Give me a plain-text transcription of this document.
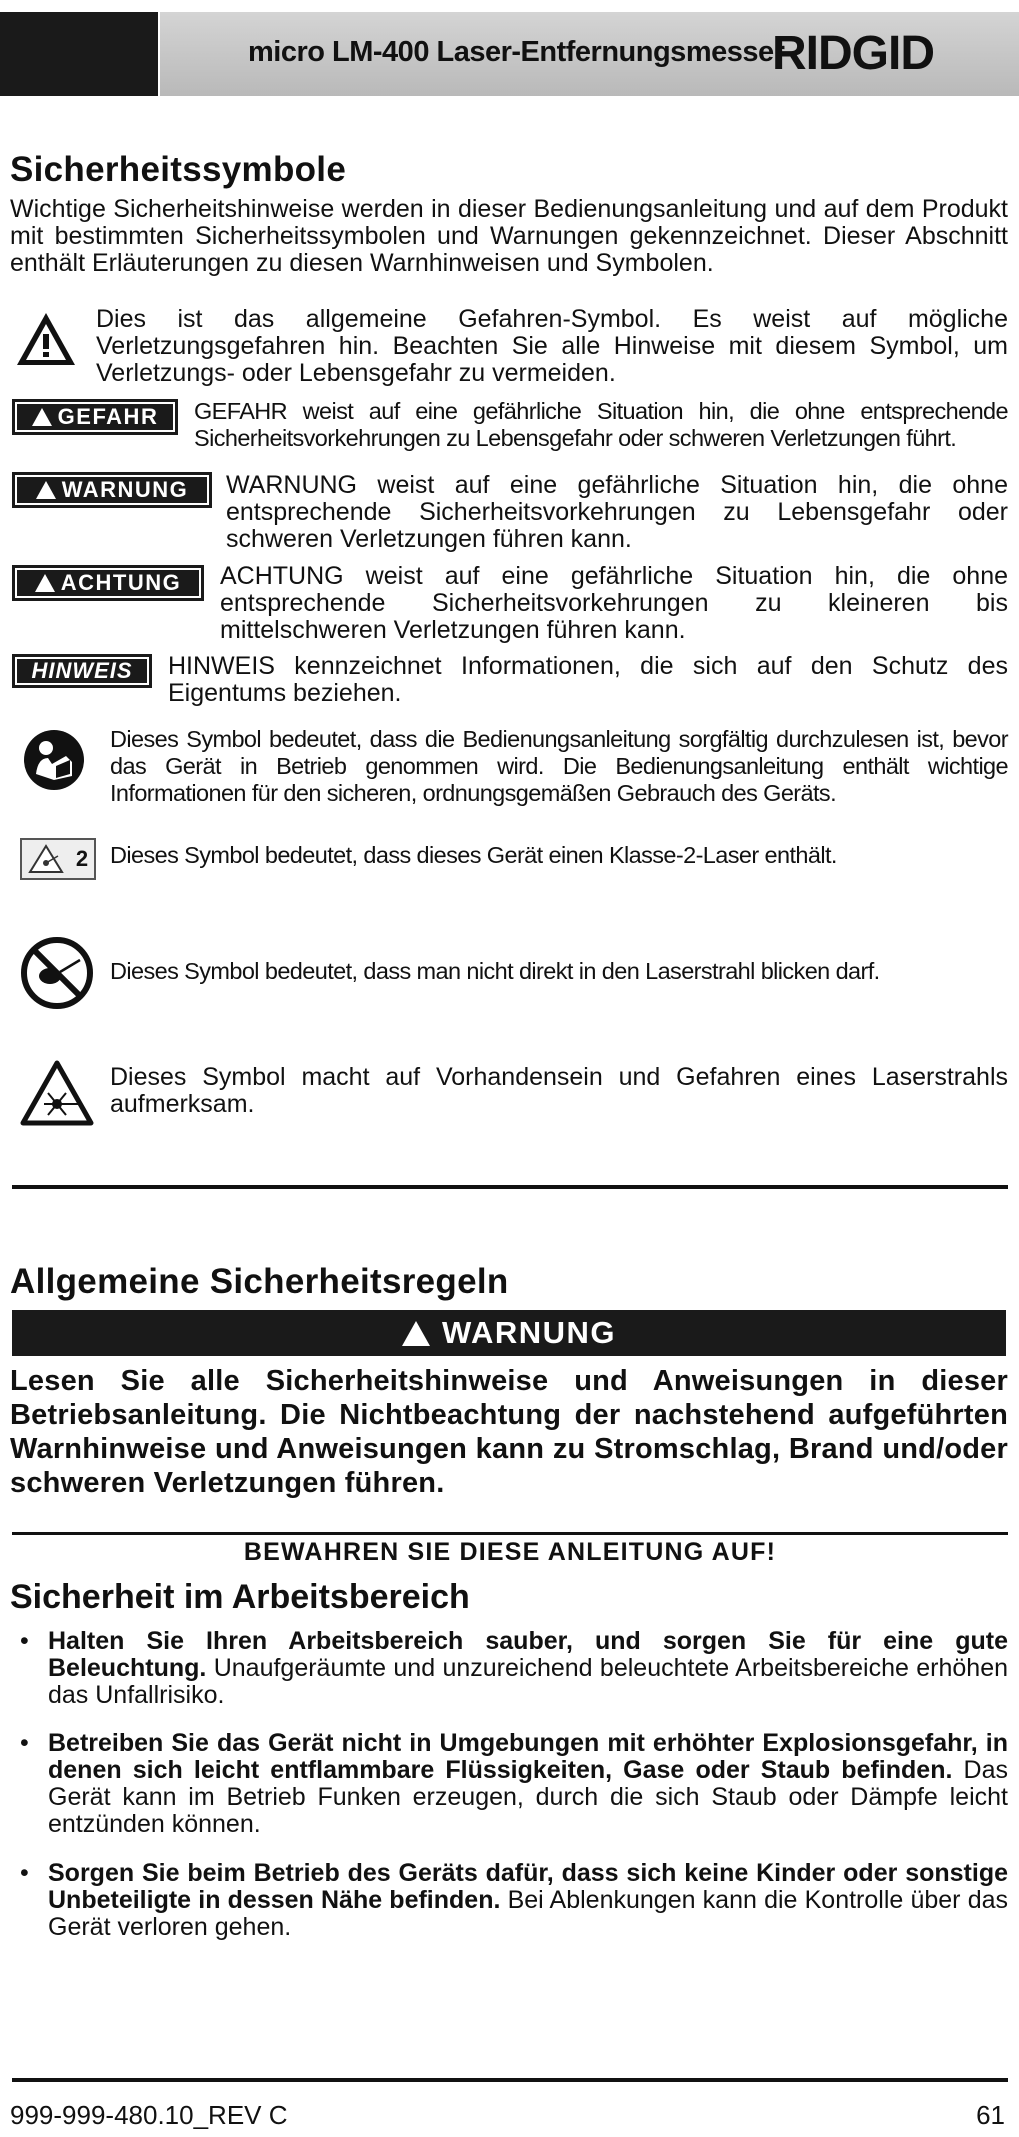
micro LM-400 Laser-Entfernungsmesser
RIDGID
Sicherheitssymbole
Wichtige Sicherheitshinweise werden in dieser Bedienungsanleitung und auf dem Produkt mit bestimmten Sicherheitssymbolen und Warnungen gekennzeichnet. Dieser Abschnitt enthält Erläuterungen zu diesen Warnhinweisen und Symbolen.
Dies ist das allgemeine Gefahren-Symbol. Es weist auf mögliche Verletzungsgefahren hin. Beachten Sie alle Hinweise mit diesem Symbol, um Verletzungs- oder Lebensgefahr zu vermeiden.
GEFAHR GEFAHR weist auf eine gefährliche Situation hin, die ohne entsprechende Sicherheitsvorkehrungen zu Lebensgefahr oder schweren Verletzungen führt.
WARNUNG WARNUNG weist auf eine gefährliche Situation hin, die ohne entsprechende Sicherheitsvorkehrungen zu Lebensgefahr oder schweren Verletzungen führen kann.
ACHTUNG ACHTUNG weist auf eine gefährliche Situation hin, die ohne entsprechende Sicherheitsvorkehrungen zu kleineren bis mittelschweren Verletzungen führen kann.
HINWEIS HINWEIS kennzeichnet Informationen, die sich auf den Schutz des Eigentums beziehen.
Dieses Symbol bedeutet, dass die Bedienungsanleitung sorgfältig durchzulesen ist, bevor das Gerät in Betrieb genommen wird. Die Bedienungsanleitung enthält wichtige Informationen für den sicheren, ordnungsgemäßen Gebrauch des Geräts.
2 Dieses Symbol bedeutet, dass dieses Gerät einen Klasse-2-Laser enthält.
Dieses Symbol bedeutet, dass man nicht direkt in den Laserstrahl blicken darf.
Dieses Symbol macht auf Vorhandensein und Gefahren eines Laserstrahls aufmerksam.
Allgemeine Sicherheitsregeln
WARNUNG
Lesen Sie alle Sicherheitshinweise und Anweisungen in dieser Betriebsanleitung. Die Nichtbeachtung der nachstehend aufgeführten Warnhinweise und Anweisungen kann zu Stromschlag, Brand und/oder schweren Verletzungen führen.
BEWAHREN SIE DIESE ANLEITUNG AUF!
Sicherheit im Arbeitsbereich
• Halten Sie Ihren Arbeitsbereich sauber, und sorgen Sie für eine gute Beleuchtung. Unaufgeräumte und unzureichend beleuchtete Arbeitsbereiche erhöhen das Unfallrisiko.
• Betreiben Sie das Gerät nicht in Umgebungen mit erhöhter Explosionsgefahr, in denen sich leicht entflammbare Flüssigkeiten, Gase oder Staub befinden. Das Gerät kann im Betrieb Funken erzeugen, durch die sich Staub oder Dämpfe leicht entzünden können.
• Sorgen Sie beim Betrieb des Geräts dafür, dass sich keine Kinder oder sonstige Unbeteiligte in dessen Nähe befinden. Bei Ablenkungen kann die Kontrolle über das Gerät verloren gehen.
999-999-480.10_REV C	61
